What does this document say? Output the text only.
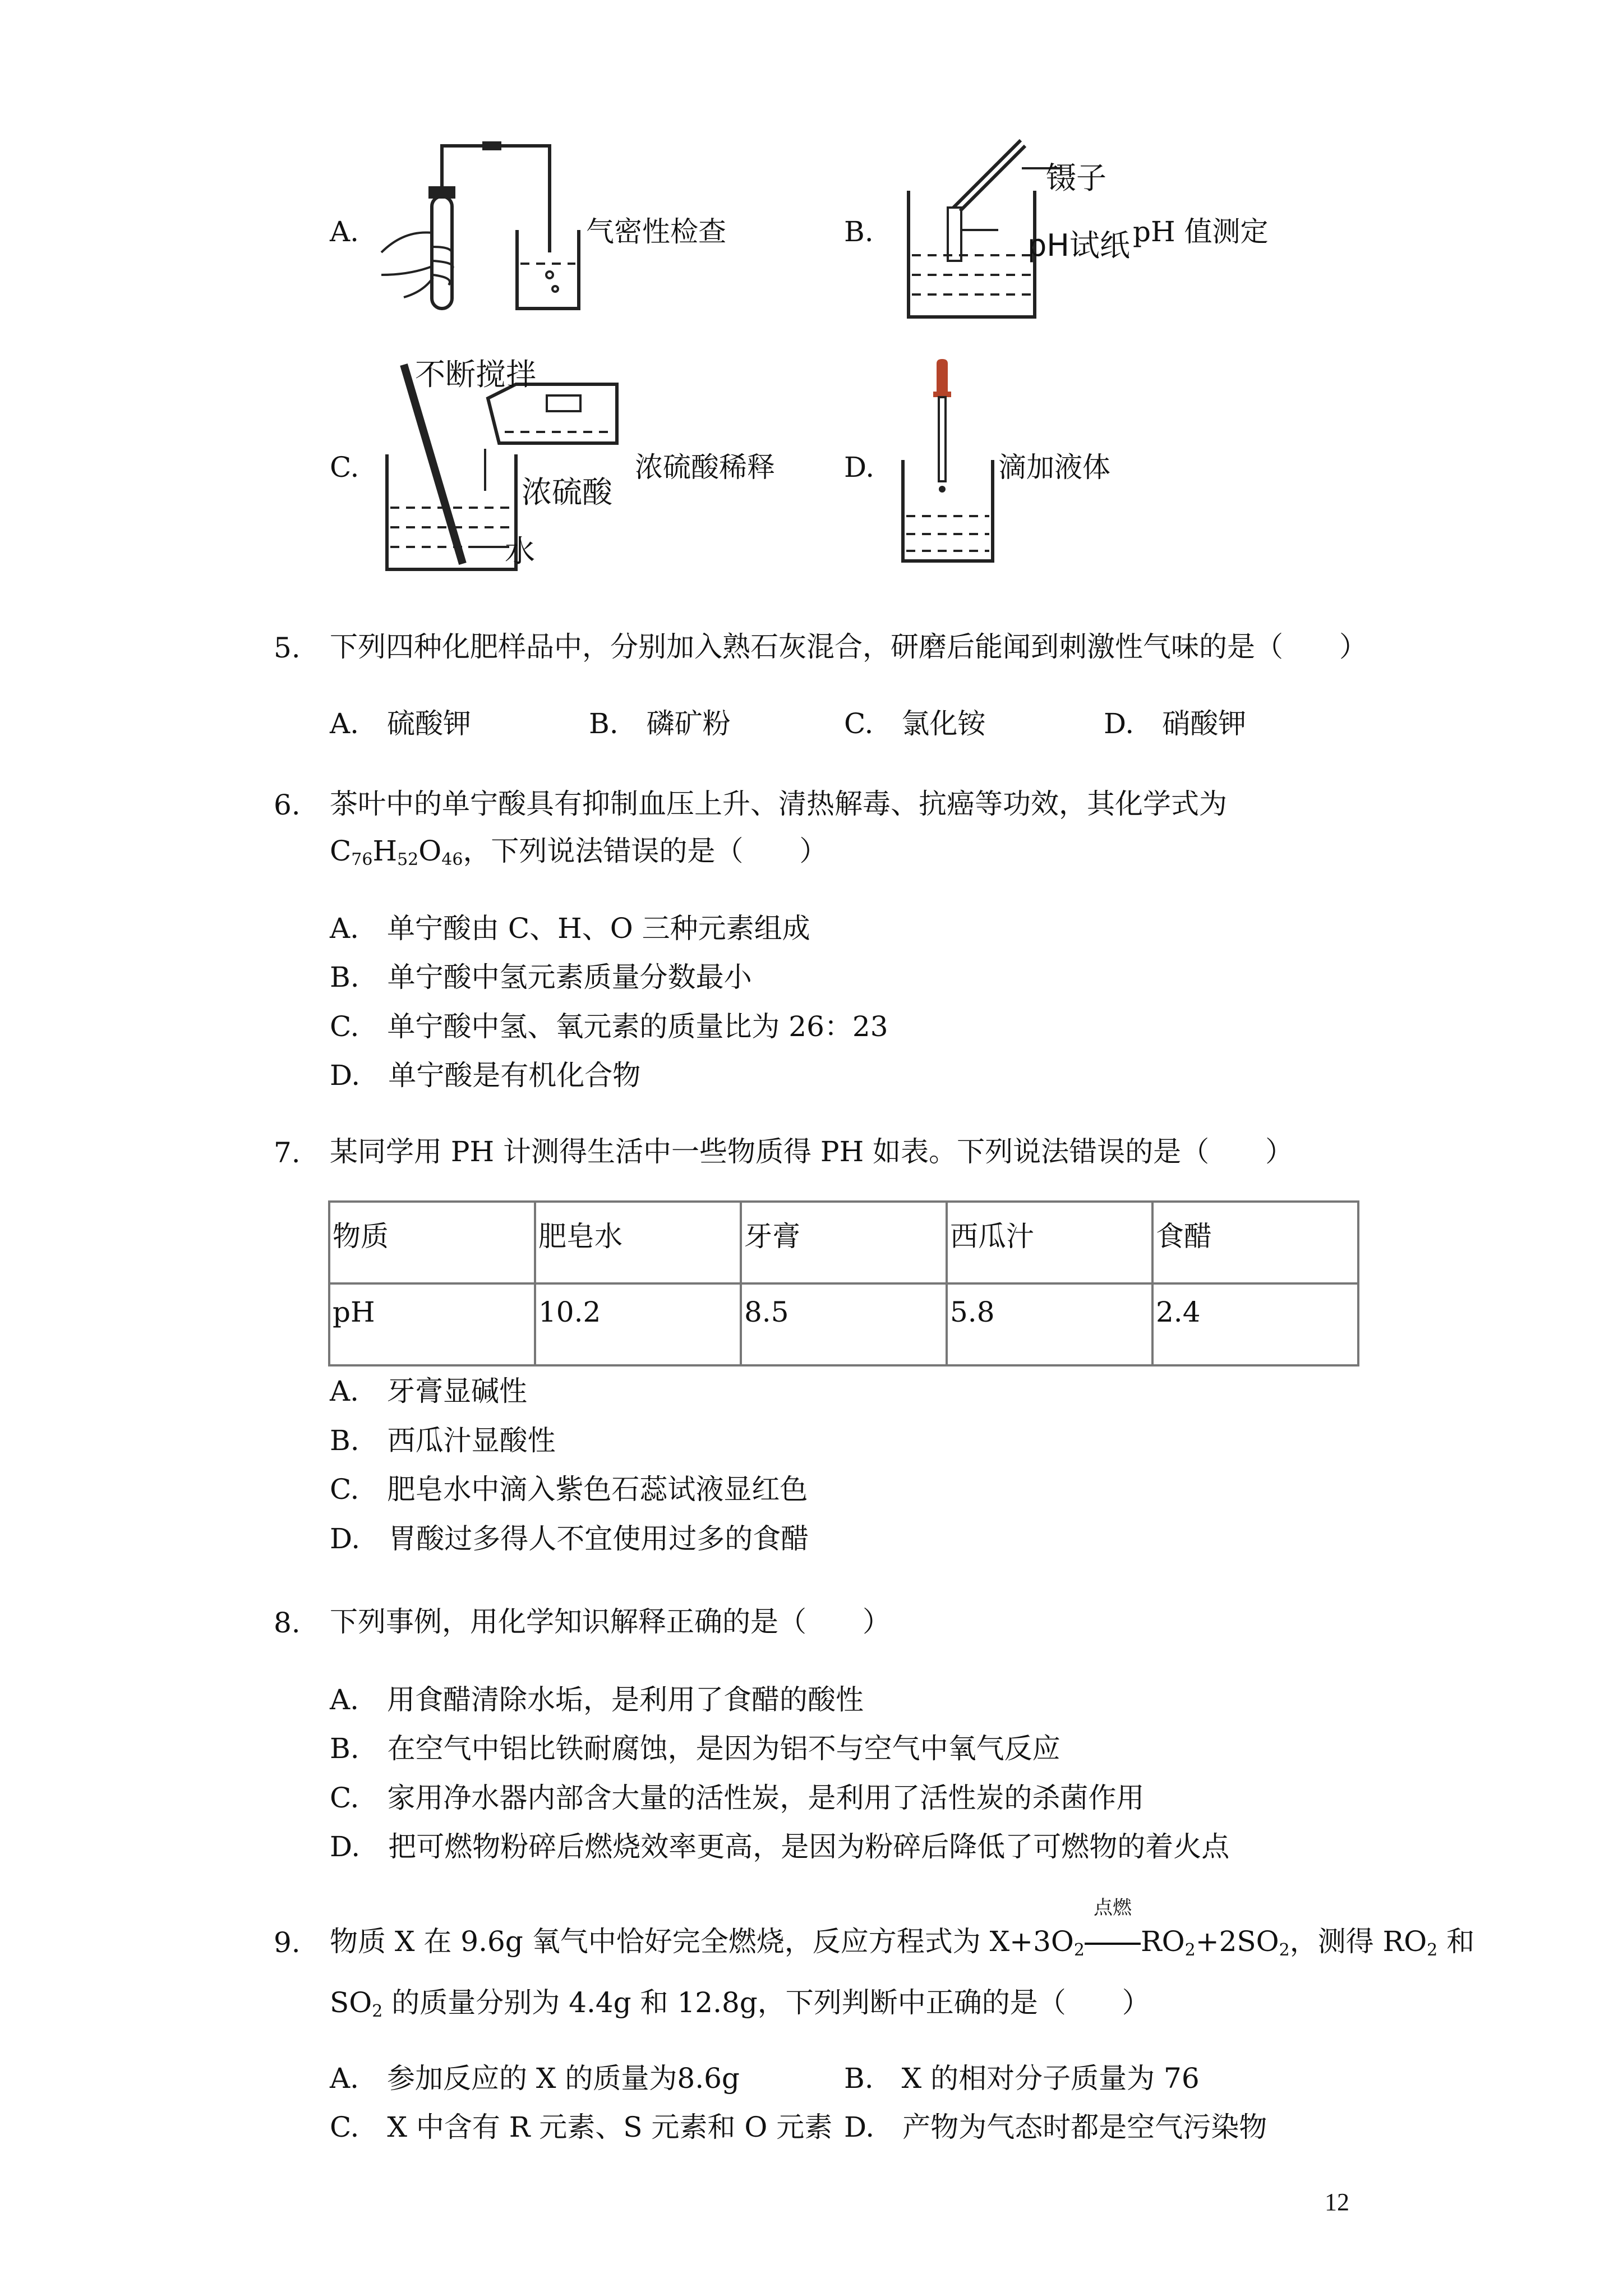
A.	气密性检查	B.
镊子
pH试纸 pH 值测定
C.
不断搅拌
浓硫酸
水
浓硫酸稀释 D.	滴加液体
5. 下列四种化肥样品中，分别加入熟石灰混合，研磨后能闻到刺激性气味的是（　　）
A.　硫酸钾	B.　磷矿粉	C.　氯化铵	D.　硝酸钾
6. 茶叶中的单宁酸具有抑制血压上升、清热解毒、抗癌等功效，其化学式为
$C_{76}H_{52}O_{46}$，下列说法错误的是（　　）
A.　单宁酸由 C、H、O 三种元素组成
B.　单宁酸中氢元素质量分数最小
C.　单宁酸中氢、氧元素的质量比为 26：23
D.　单宁酸是有机化合物
7. 某同学用 PH 计测得生活中一些物质得 PH 如表。下列说法错误的是（　　）
物质	肥皂水	牙膏	西瓜汁	食醋
pH	10.2	8.5	5.8	2.4
A.　牙膏显碱性
B.　西瓜汁显酸性
C.　肥皂水中滴入紫色石蕊试液显红色
D.　胃酸过多得人不宜使用过多的食醋
8. 下列事例，用化学知识解释正确的是（　　）
A.　用食醋清除水垢，是利用了食醋的酸性
B.　在空气中铝比铁耐腐蚀，是因为铝不与空气中氧气反应
C.　家用净水器内部含大量的活性炭，是利用了活性炭的杀菌作用
D.　把可燃物粉碎后燃烧效率更高，是因为粉碎后降低了可燃物的着火点
9. 物质 X 在 9.6g 氧气中恰好完全燃烧，反应方程式为 $X+3O_2$
点燃
$RO_2+2SO_2$，测得 $RO_2$ 和
$SO_2$ 的质量分别为 4.4g 和 12.8g，下列判断中正确的是（　　）
A.　参加反应的 X 的质量为8.6g	B.　X 的相对分子质量为 76
C.　X 中含有 R 元素、S 元素和 O 元素 D.　产物为气态时都是空气污染物
12
